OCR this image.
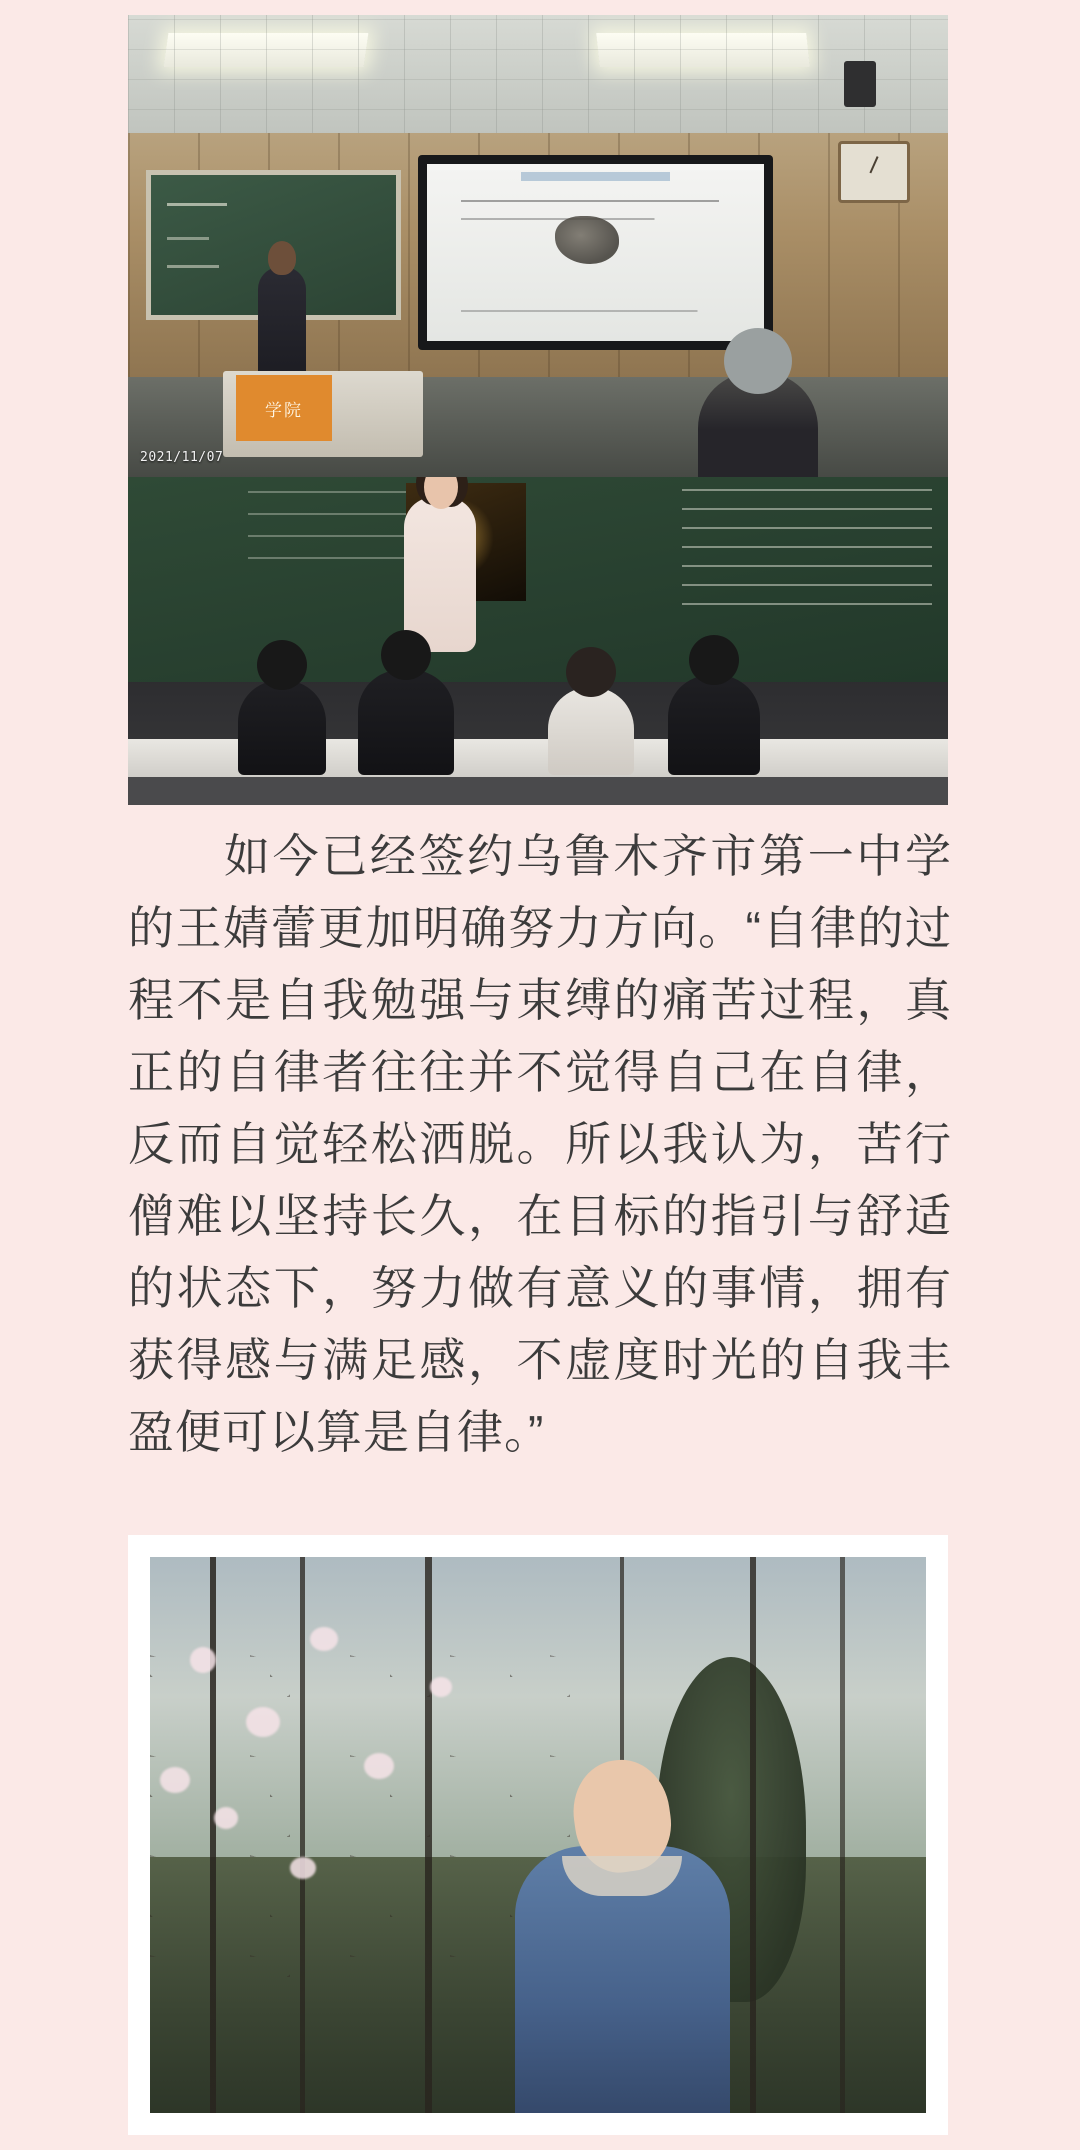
学院
2021/11/07
如今已经签约乌鲁木齐市第一中学的王婧蕾更加明确努力方向。“自律的过程不是自我勉强与束缚的痛苦过程，真正的自律者往往并不觉得自己在自律，反而自觉轻松洒脱。所以我认为，苦行僧难以坚持长久，在目标的指引与舒适的状态下，努力做有意义的事情，拥有获得感与满足感，不虚度时光的自我丰盈便可以算是自律。”
